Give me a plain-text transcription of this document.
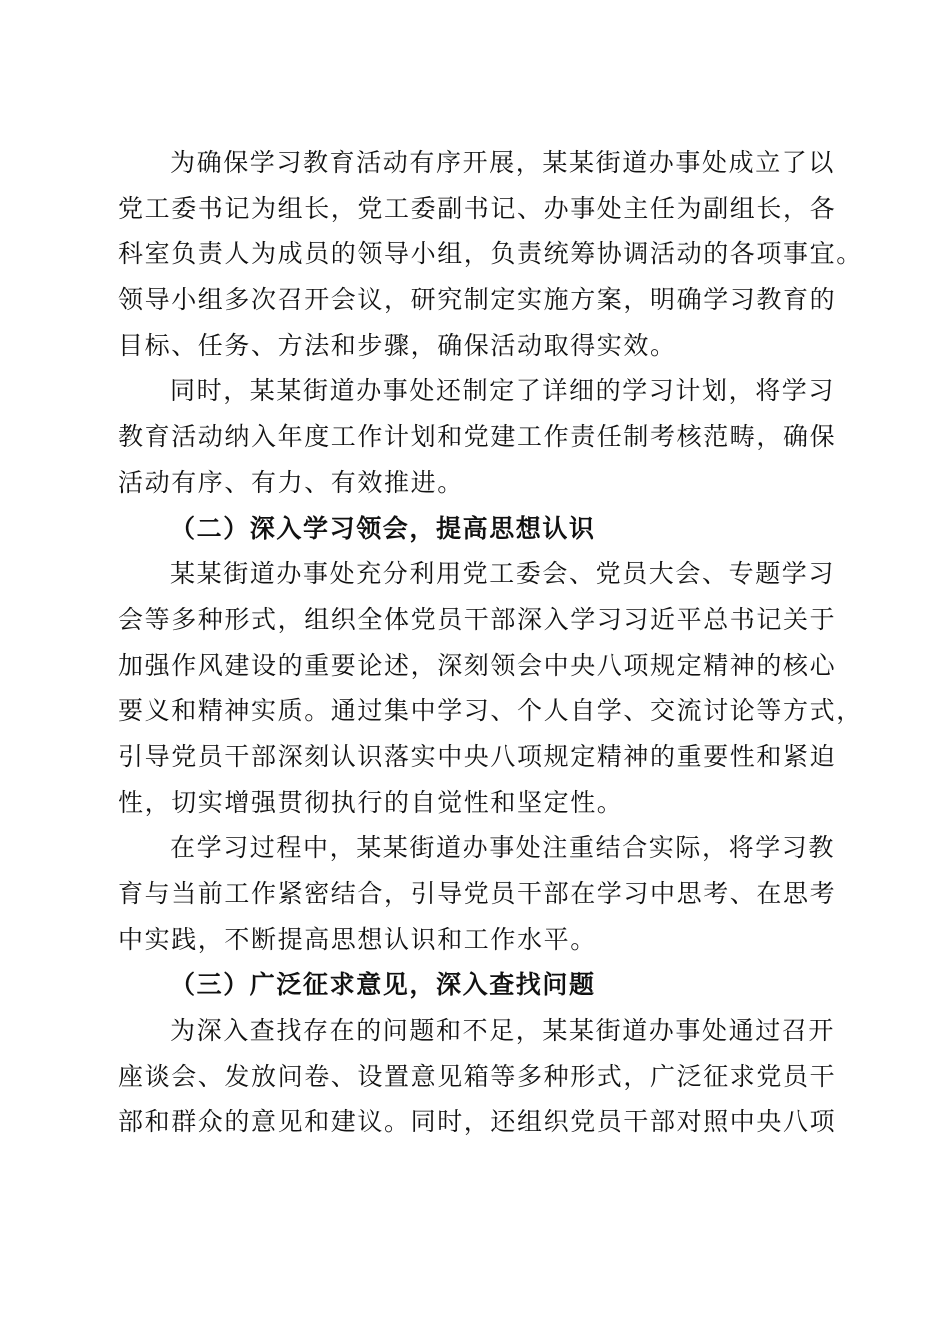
为确保学习教育活动有序开展，某某街道办事处成立了以
党工委书记为组长，党工委副书记、办事处主任为副组长，各
科室负责人为成员的领导小组，负责统筹协调活动的各项事宜。
领导小组多次召开会议，研究制定实施方案，明确学习教育的
目标、任务、方法和步骤，确保活动取得实效。
同时，某某街道办事处还制定了详细的学习计划，将学习
教育活动纳入年度工作计划和党建工作责任制考核范畴，确保
活动有序、有力、有效推进。
（二）深入学习领会，提高思想认识
某某街道办事处充分利用党工委会、党员大会、专题学习
会等多种形式，组织全体党员干部深入学习习近平总书记关于
加强作风建设的重要论述，深刻领会中央八项规定精神的核心
要义和精神实质。通过集中学习、个人自学、交流讨论等方式，
引导党员干部深刻认识落实中央八项规定精神的重要性和紧迫
性，切实增强贯彻执行的自觉性和坚定性。
在学习过程中，某某街道办事处注重结合实际，将学习教
育与当前工作紧密结合，引导党员干部在学习中思考、在思考
中实践，不断提高思想认识和工作水平。
（三）广泛征求意见，深入查找问题
为深入查找存在的问题和不足，某某街道办事处通过召开
座谈会、发放问卷、设置意见箱等多种形式，广泛征求党员干
部和群众的意见和建议。同时，还组织党员干部对照中央八项
